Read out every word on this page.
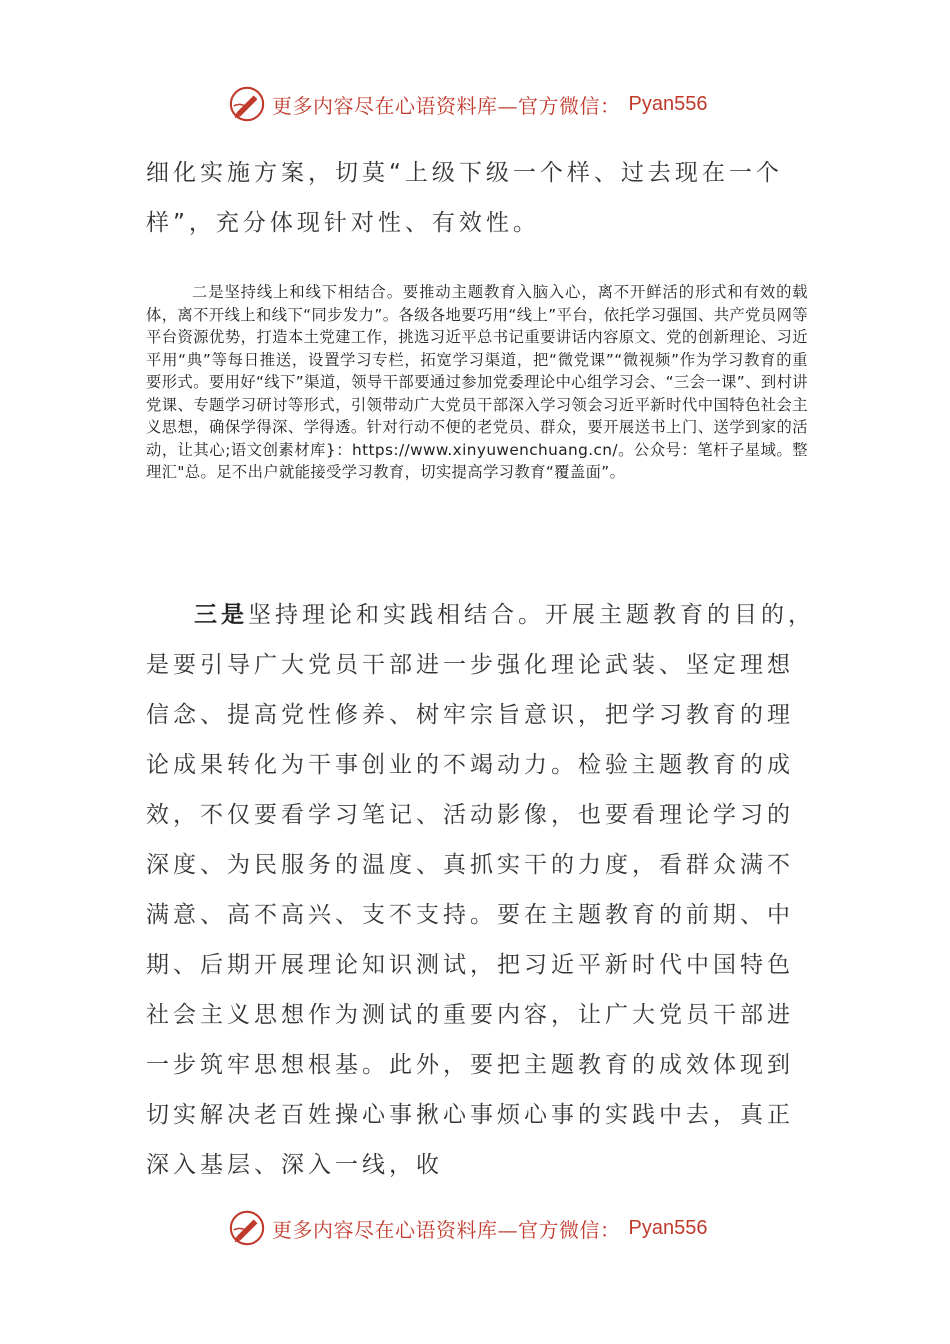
更多内容尽在心语资料库—官方微信： Pyan556

细化实施方案，切莫“上级下级一个样、过去现在一个样”，充分体现针对性、有效性。

二是坚持线上和线下相结合。要推动主题教育入脑入心，离不开鲜活的形式和有效的载体，离不开线上和线下“同步发力”。各级各地要巧用“线上”平台，依托学习强国、共产党员网等平台资源优势，打造本土党建工作，挑选习近平总书记重要讲话内容原文、党的创新理论、习近平用“典”等每日推送，设置学习专栏，拓宽学习渠道，把“微党课”“微视频”作为学习教育的重要形式。要用好“线下”渠道，领导干部要通过参加党委理论中心组学习会、“三会一课”、到村讲党课、专题学习研讨等形式，引领带动广大党员干部深入学习领会习近平新时代中国特色社会主义思想，确保学得深、学得透。针对行动不便的老党员、群众，要开展送书上门、送学到家的活动，让其心;语文创素材库}：https://www.xinyuwenchuang.cn/。公众号：笔杆子星域。整理汇"总。足不出户就能接受学习教育，切实提高学习教育“覆盖面”。

三是坚持理论和实践相结合。开展主题教育的目的，是要引导广大党员干部进一步强化理论武装、坚定理想信念、提高党性修养、树牢宗旨意识，把学习教育的理论成果转化为干事创业的不竭动力。检验主题教育的成效，不仅要看学习笔记、活动影像，也要看理论学习的深度、为民服务的温度、真抓实干的力度，看群众满不满意、高不高兴、支不支持。要在主题教育的前期、中期、后期开展理论知识测试，把习近平新时代中国特色社会主义思想作为测试的重要内容，让广大党员干部进一步筑牢思想根基。此外，要把主题教育的成效体现到切实解决老百姓操心事揪心事烦心事的实践中去，真正深入基层、深入一线，收

更多内容尽在心语资料库—官方微信： Pyan556
